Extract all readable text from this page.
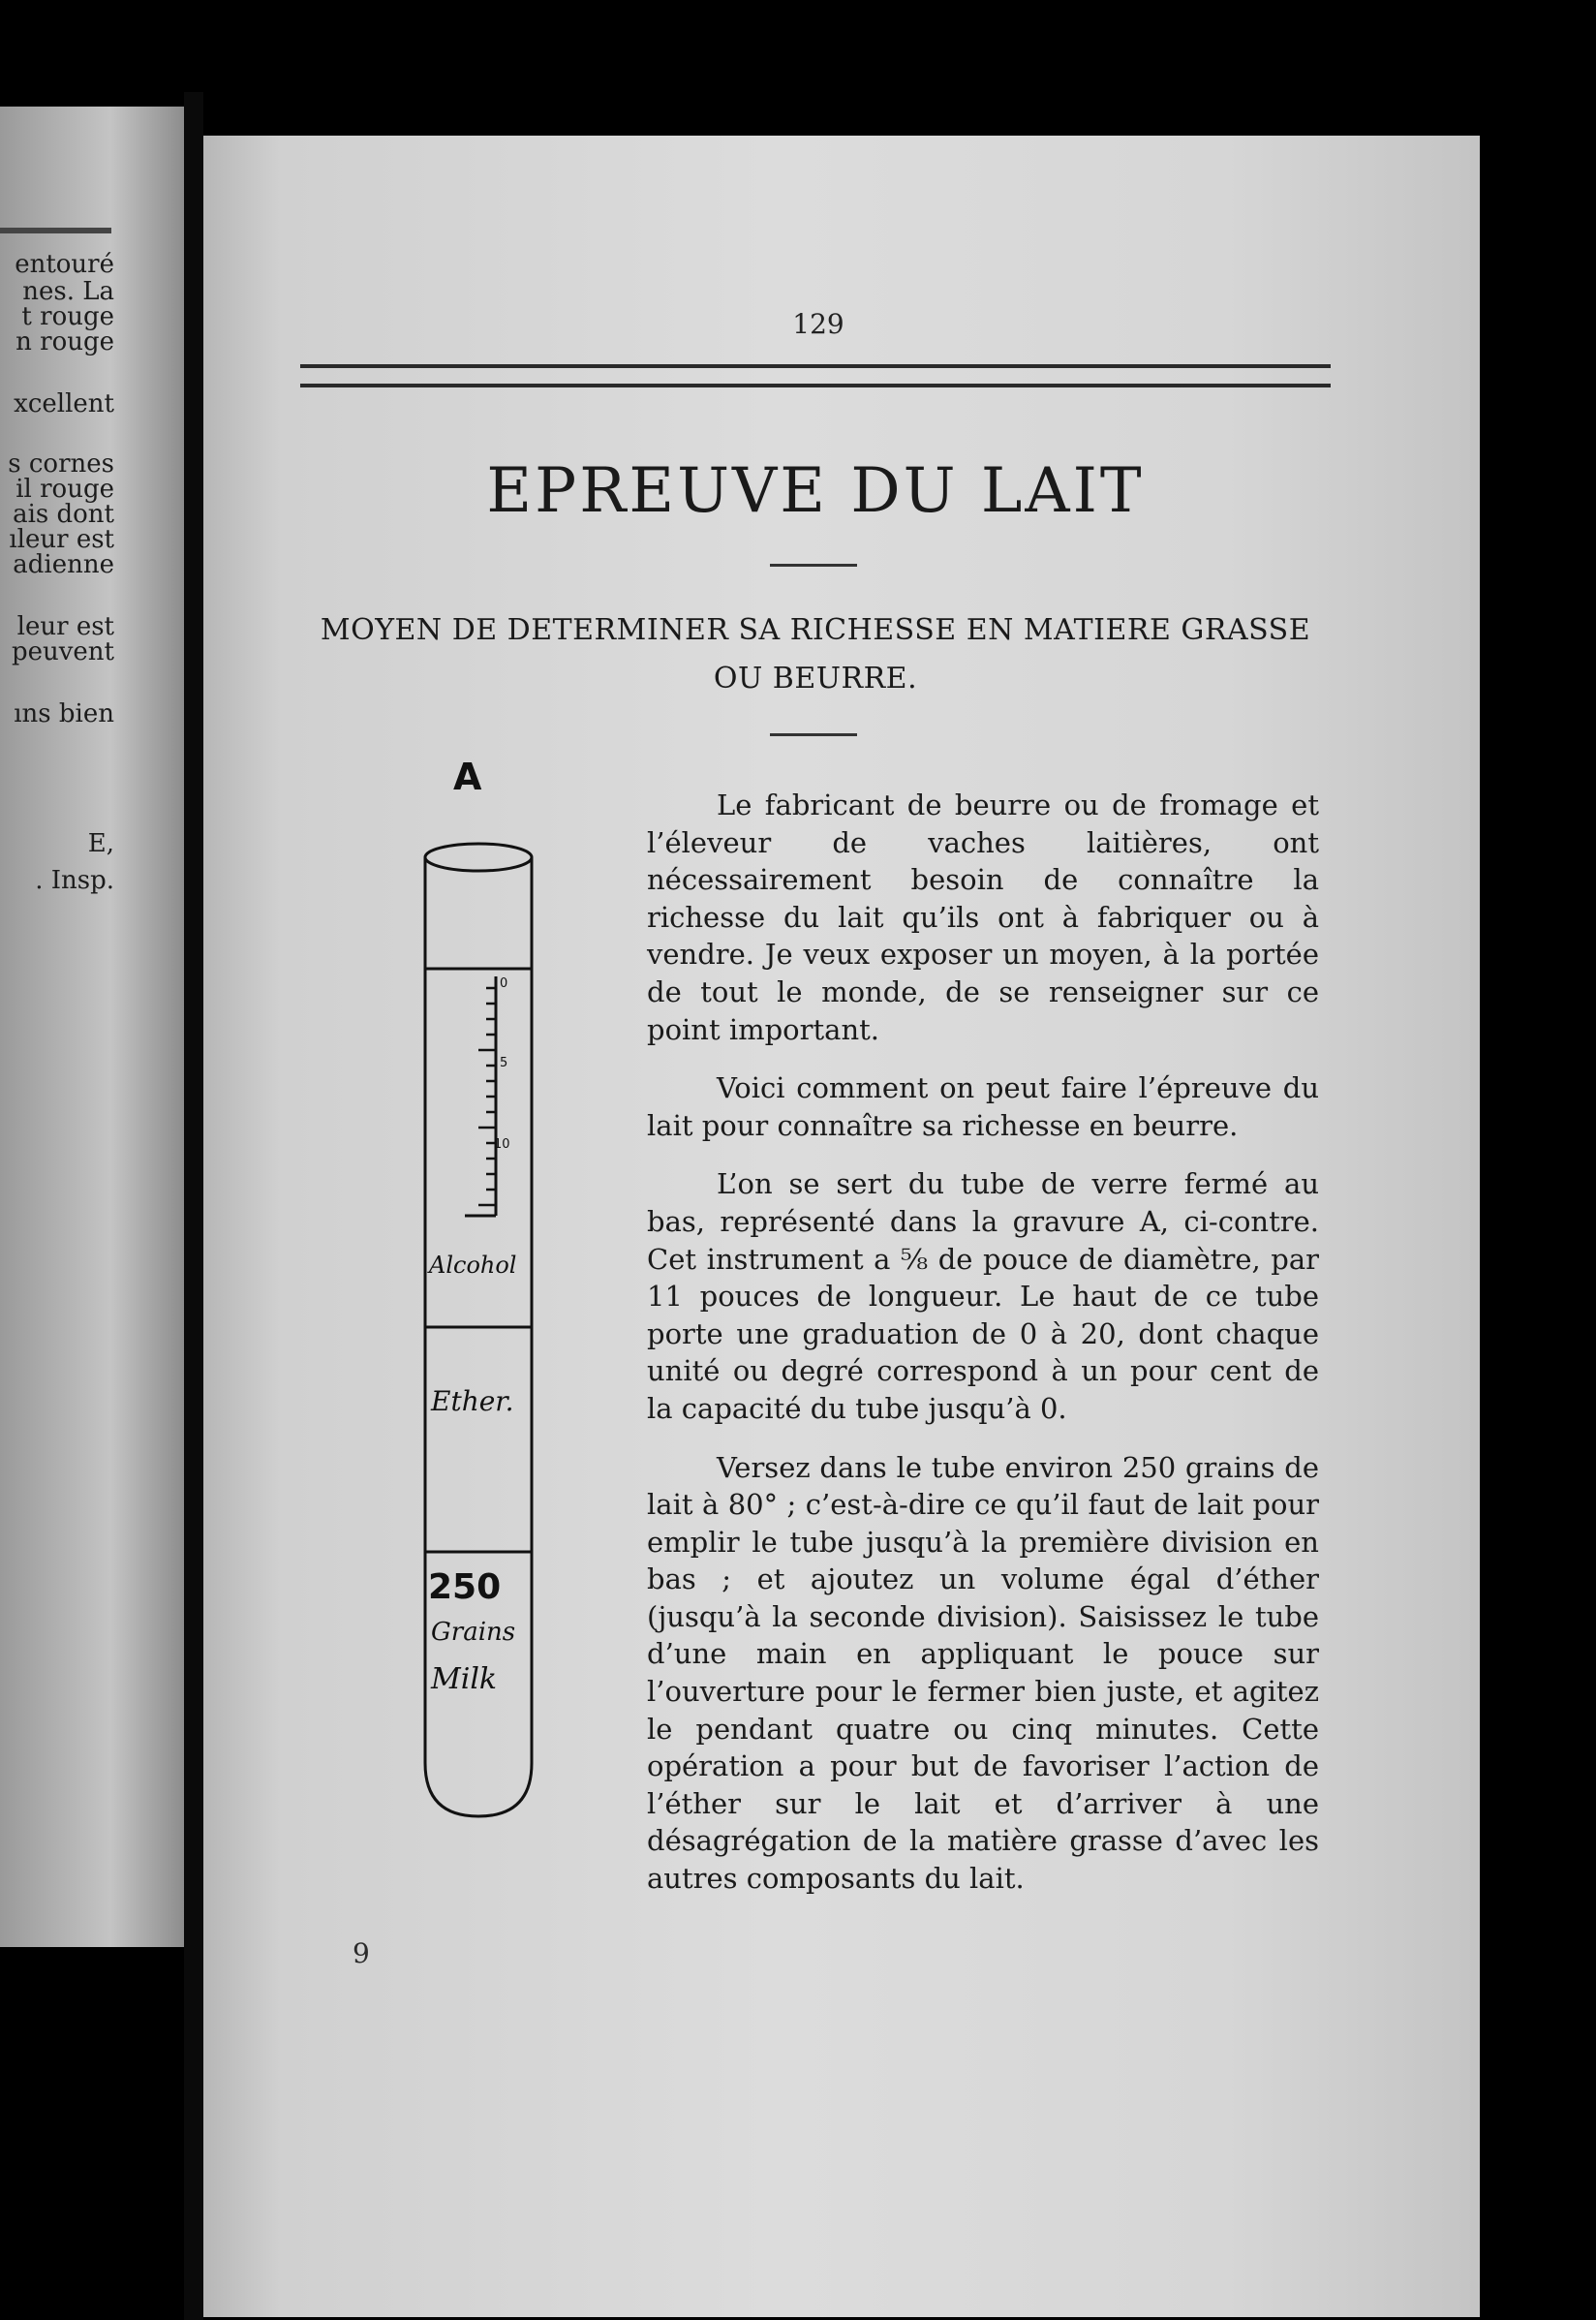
entouré
nes. La
t rouge
n rouge
xcellent
s cornes
il rouge
ais dont
ıleur est
adienne
leur est
peuvent
ıns bien
E,
. Insp.
129
EPREUVE DU LAIT
MOYEN DE DETERMINER SA RICHESSE EN MATIERE GRASSE
OU BEURRE.
A
0
5
10
Alcohol
Ether.
250
Grains
Milk

Le fabricant de beurre ou de fromage et l’éleveur de vaches laitières, ont nécessairement besoin de connaître la richesse du lait qu’ils ont à fabriquer ou à vendre. Je veux exposer un moyen, à la portée de tout le monde, de se renseigner sur ce point important.

Voici comment on peut faire l’épreuve du lait pour connaître sa richesse en beurre.

L’on se sert du tube de verre fermé au bas, représenté dans la gravure A, ci-contre. Cet instrument a ⅝ de pouce de diamètre, par 11 pouces de longueur. Le haut de ce tube porte une graduation de 0 à 20, dont chaque unité ou degré correspond à un pour cent de la capacité du tube jusqu’à 0.

Versez dans le tube environ 250 grains de lait à 80° ; c’est-à-dire ce qu’il faut de lait pour emplir le tube jusqu’à la première division en bas ; et ajoutez un volume égal d’éther (jusqu’à la seconde division). Saisissez le tube d’une main en appliquant le pouce sur l’ouverture pour le fermer bien juste, et agitez le pendant quatre ou cinq minutes. Cette opération a pour but de favoriser l’action de l’éther sur le lait et d’arriver à une désagrégation de la matière grasse d’avec les autres composants du lait.

9
